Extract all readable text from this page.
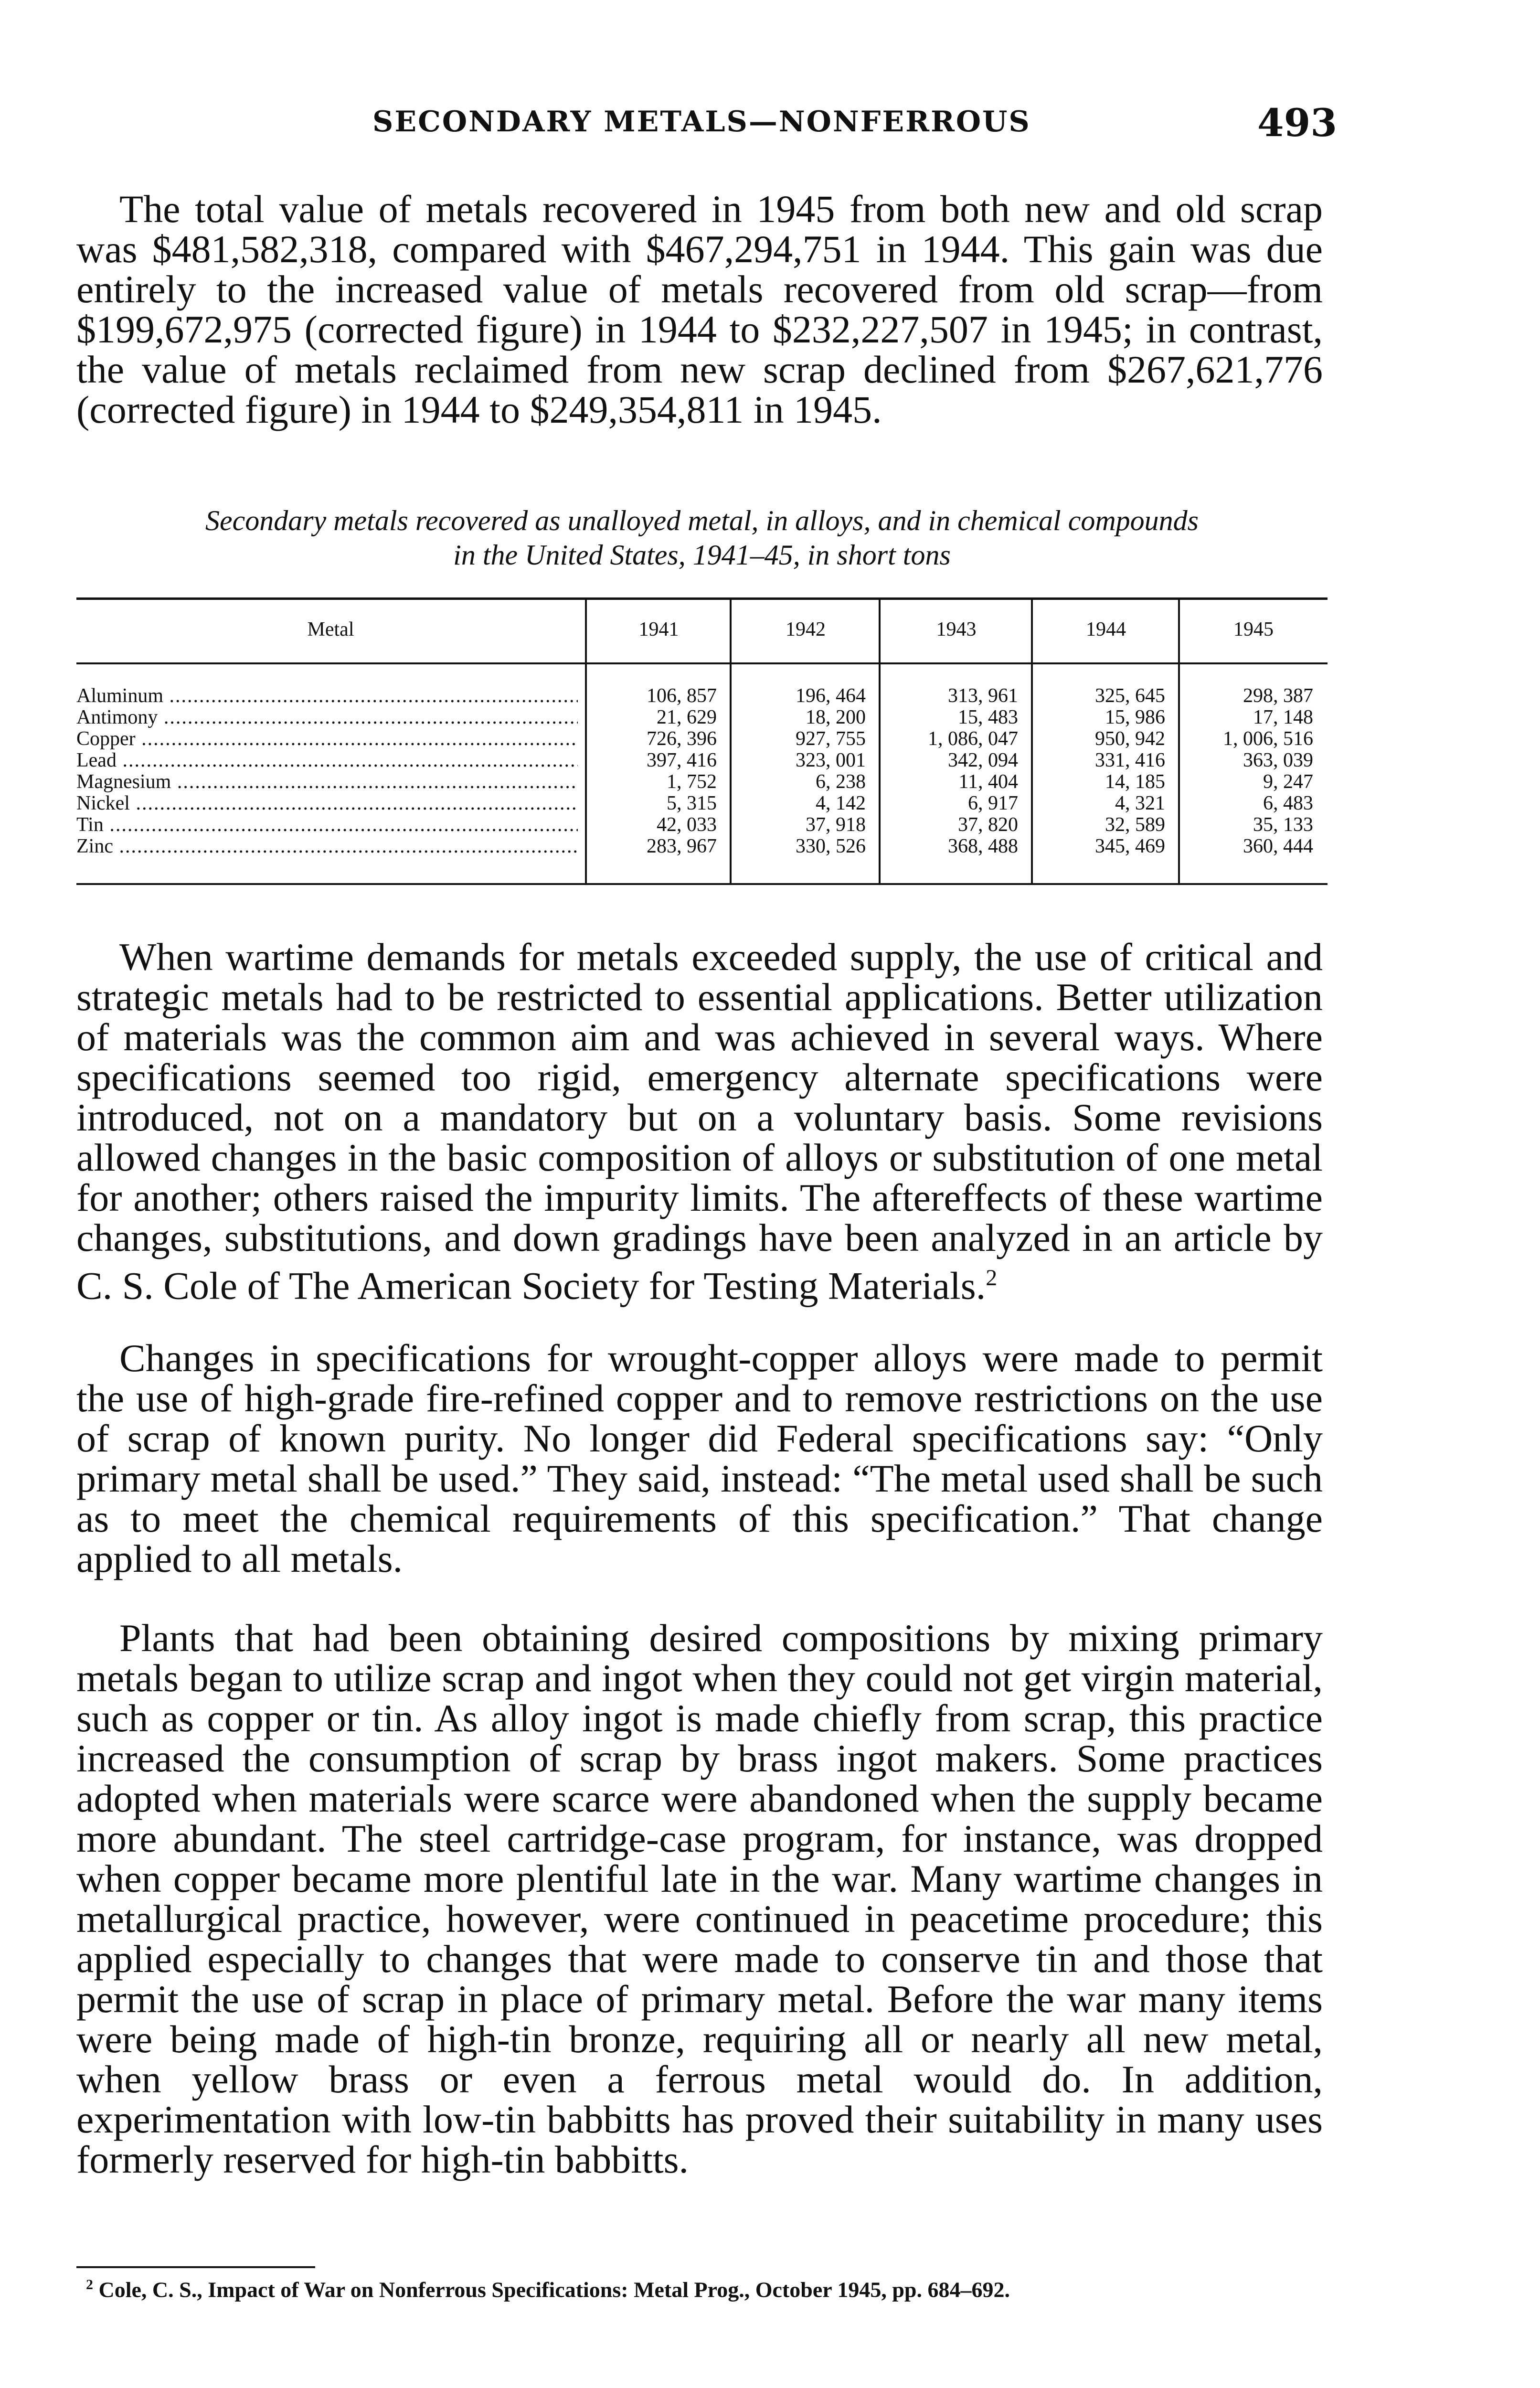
SECONDARY METALS—NONFERROUS	493

The total value of metals recovered in 1945 from both new and old scrap was $481,582,318, compared with $467,294,751 in 1944. This gain was due entirely to the increased value of metals recovered from old scrap—from $199,672,975 (corrected figure) in 1944 to $232,227,507 in 1945; in contrast, the value of metals reclaimed from new scrap declined from $267,621,776 (corrected figure) in 1944 to $249,354,811 in 1945.

Secondary metals recovered as unalloyed metal, in alloys, and in chemical compounds
in the United States, 1941–45, in short tons
Metal	1941	1942	1943	1944	1945
Aluminum .....	106, 857	196, 464	313, 961	325, 645	298, 387
Antimony .....	21, 629	18, 200	15, 483	15, 986	17, 148
Copper .....	726, 396	927, 755	1, 086, 047	950, 942	1, 006, 516
Lead .....	397, 416	323, 001	342, 094	331, 416	363, 039
Magnesium .....	1, 752	6, 238	11, 404	14, 185	9, 247
Nickel .....	5, 315	4, 142	6, 917	4, 321	6, 483
Tin .....	42, 033	37, 918	37, 820	32, 589	35, 133
Zinc .....	283, 967	330, 526	368, 488	345, 469	360, 444

When wartime demands for metals exceeded supply, the use of critical and strategic metals had to be restricted to essential applications. Better utilization of materials was the common aim and was achieved in several ways. Where specifications seemed too rigid, emergency alternate specifications were introduced, not on a mandatory but on a voluntary basis. Some revisions allowed changes in the basic composition of alloys or substitution of one metal for another; others raised the impurity limits. The aftereffects of these wartime changes, substitutions, and down gradings have been analyzed in an article by C. S. Cole of The American Society for Testing Materials.$^2$

Changes in specifications for wrought-copper alloys were made to permit the use of high-grade fire-refined copper and to remove restrictions on the use of scrap of known purity. No longer did Federal specifications say: “Only primary metal shall be used.” They said, instead: “The metal used shall be such as to meet the chemical requirements of this specification.” That change applied to all metals.

Plants that had been obtaining desired compositions by mixing primary metals began to utilize scrap and ingot when they could not get virgin material, such as copper or tin. As alloy ingot is made chiefly from scrap, this practice increased the consumption of scrap by brass ingot makers. Some practices adopted when materials were scarce were abandoned when the supply became more abundant. The steel cartridge-case program, for instance, was dropped when copper became more plentiful late in the war. Many wartime changes in metallurgical practice, however, were continued in peacetime procedure; this applied especially to changes that were made to conserve tin and those that permit the use of scrap in place of primary metal. Before the war many items were being made of high-tin bronze, requiring all or nearly all new metal, when yellow brass or even a ferrous metal would do. In addition, experimentation with low-tin babbitts has proved their suitability in many uses formerly reserved for high-tin babbitts.

$^2$ Cole, C. S., Impact of War on Nonferrous Specifications: Metal Prog., October 1945, pp. 684–692.
